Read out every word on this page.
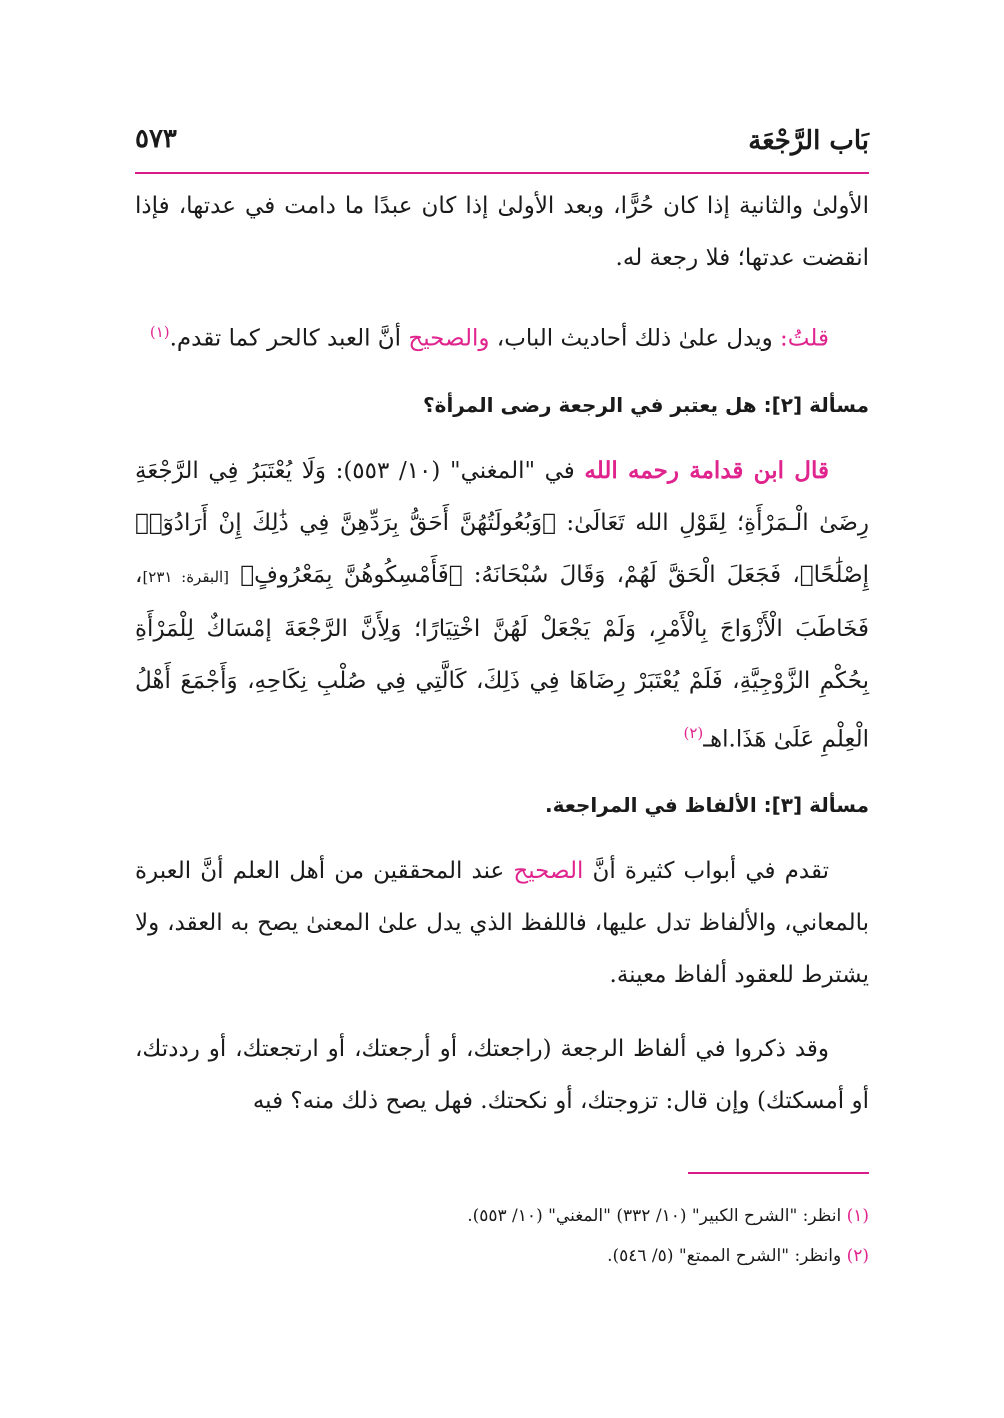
بَاب الرَّجْعَة
٥٧٣

الأولىٰ والثانية إذا كان حُرًّا، وبعد الأولىٰ إذا كان عبدًا ما دامت في عدتها، فإذا انقضت عدتها؛ فلا رجعة له.

قلتُ: ويدل علىٰ ذلك أحاديث الباب، والصحيح أنَّ العبد كالحر كما تقدم.$^{(١)}$

مسألة [٢]: هل يعتبر في الرجعة رضى المرأة؟

قال ابن قدامة رحمه الله في "المغني" (١٠/ ٥٥٣): وَلَا يُعْتَبَرُ فِي الرَّجْعَةِ رِضَىٰ الْـمَرْأَةِ؛ لِقَوْلِ الله تَعَالَىٰ: ﴿وَبُعُولَتُهُنَّ أَحَقُّ بِرَدِّهِنَّ فِي ذَٰلِكَ إِنْ أَرَادُوٓا۟ إِصْلَٰحًا﴾، فَجَعَلَ الْحَقَّ لَهُمْ، وَقَالَ سُبْحَانَهُ: ﴿فَأَمْسِكُوهُنَّ بِمَعْرُوفٍ﴾ [البقرة: ٢٣١]، فَخَاطَبَ الْأَزْوَاجَ بِالْأَمْرِ، وَلَمْ يَجْعَلْ لَهُنَّ اخْتِيَارًا؛ وَلِأَنَّ الرَّجْعَةَ إمْسَاكٌ لِلْمَرْأَةِ بِحُكْمِ الزَّوْجِيَّةِ، فَلَمْ يُعْتَبَرْ رِضَاهَا فِي ذَلِكَ، كَالَّتِي فِي صُلْبِ نِكَاحِهِ، وَأَجْمَعَ أَهْلُ الْعِلْمِ عَلَىٰ هَذَا.اهـ$^{(٢)}$

مسألة [٣]: الألفاظ في المراجعة.

تقدم في أبواب كثيرة أنَّ الصحيح عند المحققين من أهل العلم أنَّ العبرة بالمعاني، والألفاظ تدل عليها، فاللفظ الذي يدل علىٰ المعنىٰ يصح به العقد، ولا يشترط للعقود ألفاظ معينة.

وقد ذكروا في ألفاظ الرجعة (راجعتك، أو أرجعتك، أو ارتجعتك، أو رددتك، أو أمسكتك) وإن قال: تزوجتك، أو نكحتك. فهل يصح ذلك منه؟ فيه

(١) انظر: "الشرح الكبير" (١٠/ ٣٣٢) "المغني" (١٠/ ٥٥٣).

(٢) وانظر: "الشرح الممتع" (٥/ ٥٤٦).
